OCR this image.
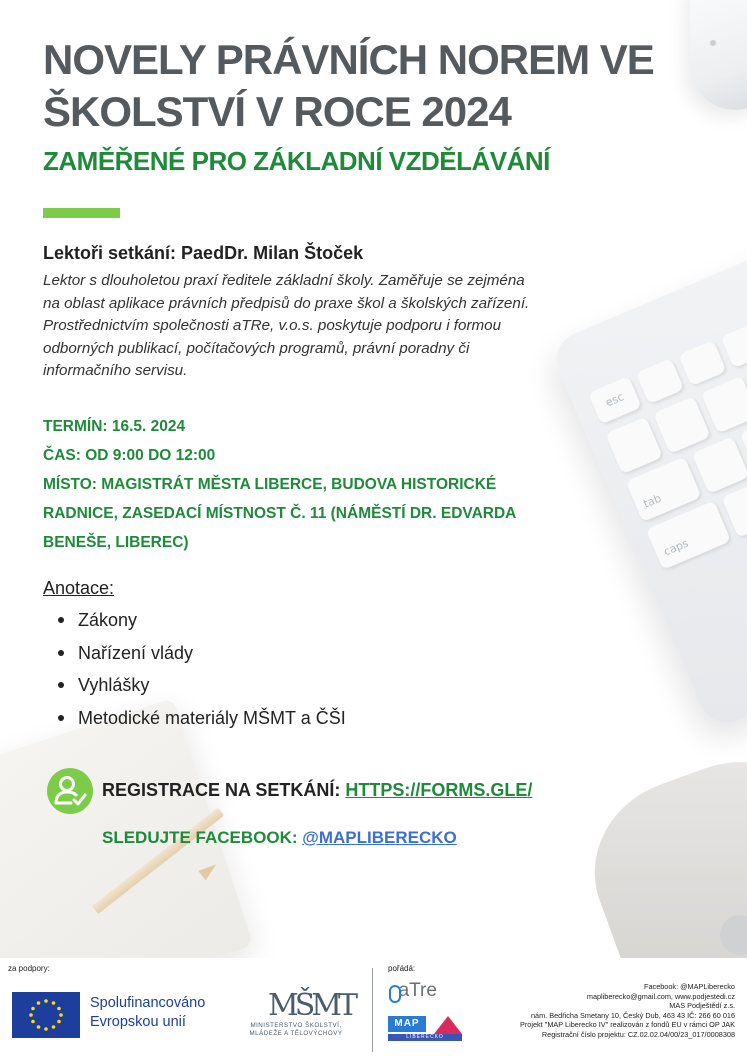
esc
tab
caps
NOVELY PRÁVNÍCH NOREM VE
ŠKOLSTVÍ V ROCE 2024
ZAMĚŘENÉ PRO ZÁKLADNÍ VZDĚLÁVÁNÍ

Lektoři setkání: PaedDr. Milan Štoček

Lektor s dlouholetou praxí ředitele základní školy. Zaměřuje se zejména na oblast aplikace právních předpisů do praxe škol a školských zařízení. Prostřednictvím společnosti aTRe, v.o.s. poskytuje podporu i formou odborných publikací, počítačových programů, právní poradny či informačního servisu.

TERMÍN: 16.5. 2024

ČAS: OD 9:00 DO 12:00

MÍSTO: MAGISTRÁT MĚSTA LIBERCE, BUDOVA HISTORICKÉ RADNICE, ZASEDACÍ MÍSTNOST Č. 11 (NÁMĚSTÍ DR. EDVARDA BENEŠE, LIBEREC)

Anotace:

Zákony
Nařízení vlády
Vyhlášky
Metodické materiály MŠMT a ČŠI

REGISTRACE NA SETKÁNÍ: HTTPS://FORMS.GLE/

SLEDUJTE FACEBOOK: @MAPLIBERECKO

za podpory:	pořádá:
Spolufinancováno
Evropskou unií	MŠMT
MINISTERSTVO ŠKOLSTVÍ,
MLÁDEŽE A TĚLOVÝCHOVY
aTre
MAP
LIBERECKO
Facebook: @MAPLiberecko
mapliberecko@gmail.com, www.podjestedi.cz
MAS Podještědí z.s.
nám. Bedřicha Smetany 10, Český Dub, 463 43 IČ: 266 60 016
Projekt "MAP Liberecko IV" realizován z fondů EU v rámci OP JAK
Registrační číslo projektu: CZ.02.02.04/00/23_017/0008308
